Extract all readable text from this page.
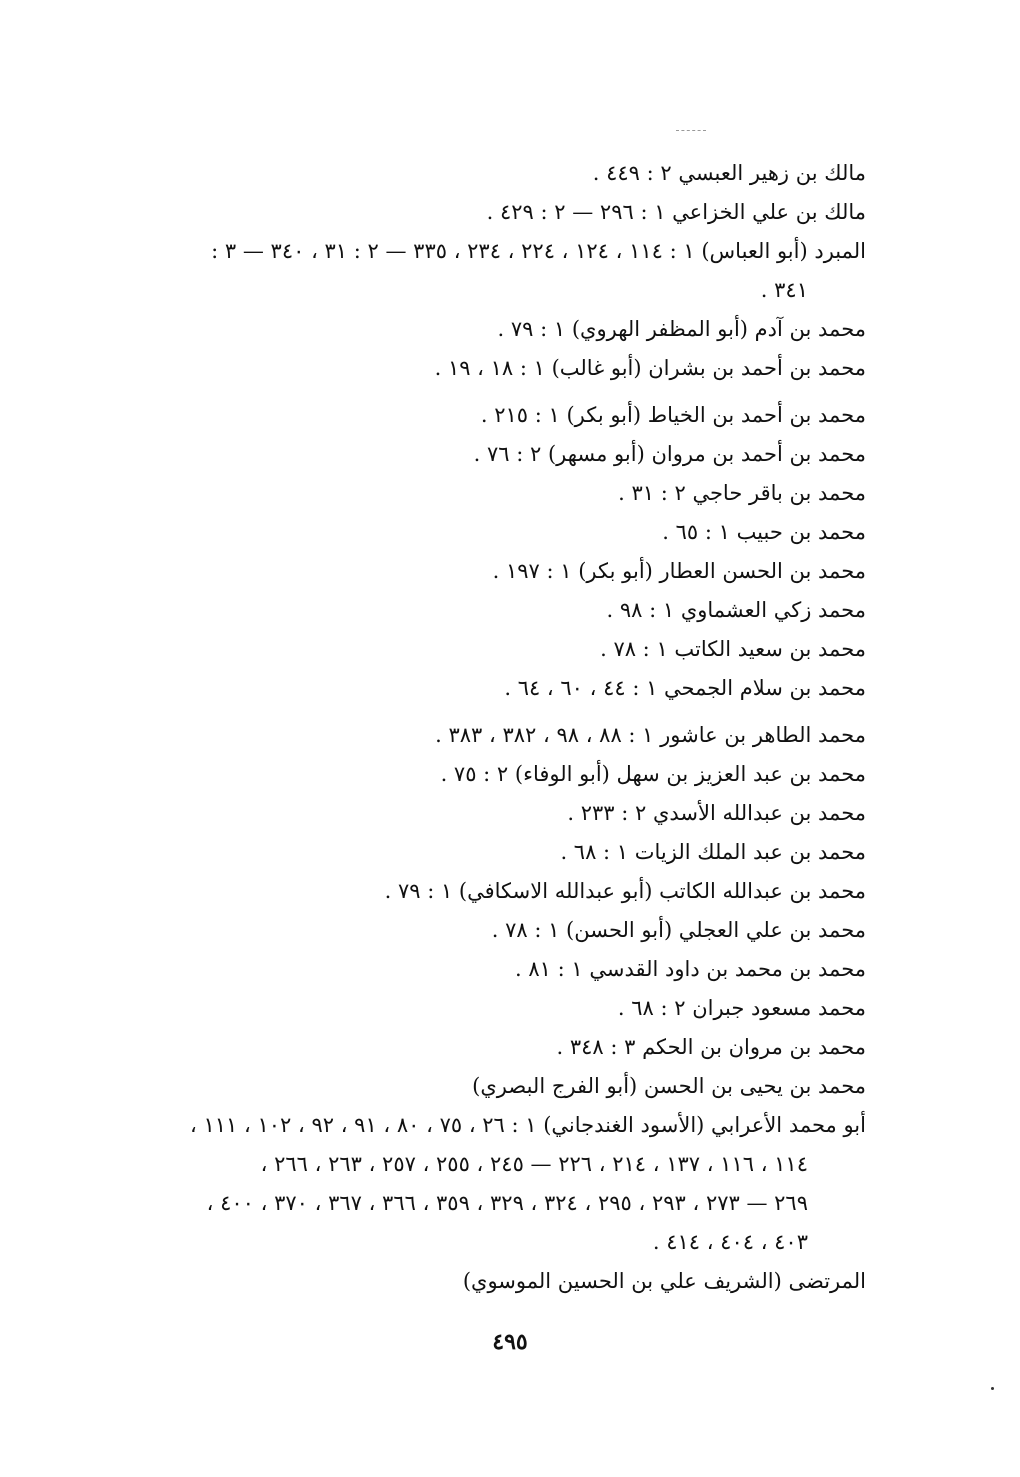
مالك بن زهير العبسي ٢ : ٤٤٩ .

مالك بن علي الخزاعي ١ : ٢٩٦ — ٢ : ٤٢٩ .

المبرد (أبو العباس) ١ : ١١٤ ، ١٢٤ ، ٢٢٤ ، ٢٣٤ ، ٣٣٥ — ٢ : ٣١ ، ٣٤٠ — ٣ :
٣٤١ .

محمد بن آدم (أبو المظفر الهروي) ١ : ٧٩ .

محمد بن أحمد بن بشران (أبو غالب) ١ : ١٨ ، ١٩ .

محمد بن أحمد بن الخياط (أبو بكر) ١ : ٢١٥ .

محمد بن أحمد بن مروان (أبو مسهر) ٢ : ٧٦ .

محمد بن باقر حاجي ٢ : ٣١ .

محمد بن حبيب ١ : ٦٥ .

محمد بن الحسن العطار (أبو بكر) ١ : ١٩٧ .

محمد زكي العشماوي ١ : ٩٨ .

محمد بن سعيد الكاتب ١ : ٧٨ .

محمد بن سلام الجمحي ١ : ٤٤ ، ٦٠ ، ٦٤ .

محمد الطاهر بن عاشور ١ : ٨٨ ، ٩٨ ، ٣٨٢ ، ٣٨٣ .

محمد بن عبد العزيز بن سهل (أبو الوفاء) ٢ : ٧٥ .

محمد بن عبدالله الأسدي ٢ : ٢٣٣ .

محمد بن عبد الملك الزيات ١ : ٦٨ .

محمد بن عبدالله الكاتب (أبو عبدالله الاسكافي) ١ : ٧٩ .

محمد بن علي العجلي (أبو الحسن) ١ : ٧٨ .

محمد بن محمد بن داود القدسي ١ : ٨١ .

محمد مسعود جبران ٢ : ٦٨ .

محمد بن مروان بن الحكم ٣ : ٣٤٨ .

محمد بن يحيى بن الحسن (أبو الفرج البصري)

أبو محمد الأعرابي (الأسود الغندجاني) ١ : ٢٦ ، ٧٥ ، ٨٠ ، ٩١ ، ٩٢ ، ١٠٢ ، ١١١ ،
١١٤ ، ١١٦ ، ١٣٧ ، ٢١٤ ، ٢٢٦ — ٢٤٥ ، ٢٥٥ ، ٢٥٧ ، ٢٦٣ ، ٢٦٦ ،
٢٦٩ — ٢٧٣ ، ٢٩٣ ، ٢٩٥ ، ٣٢٤ ، ٣٢٩ ، ٣٥٩ ، ٣٦٦ ، ٣٦٧ ، ٣٧٠ ، ٤٠٠ ،
٤٠٣ ، ٤٠٤ ، ٤١٤ .

المرتضى (الشريف علي بن الحسين الموسوي)

٤٩٥
